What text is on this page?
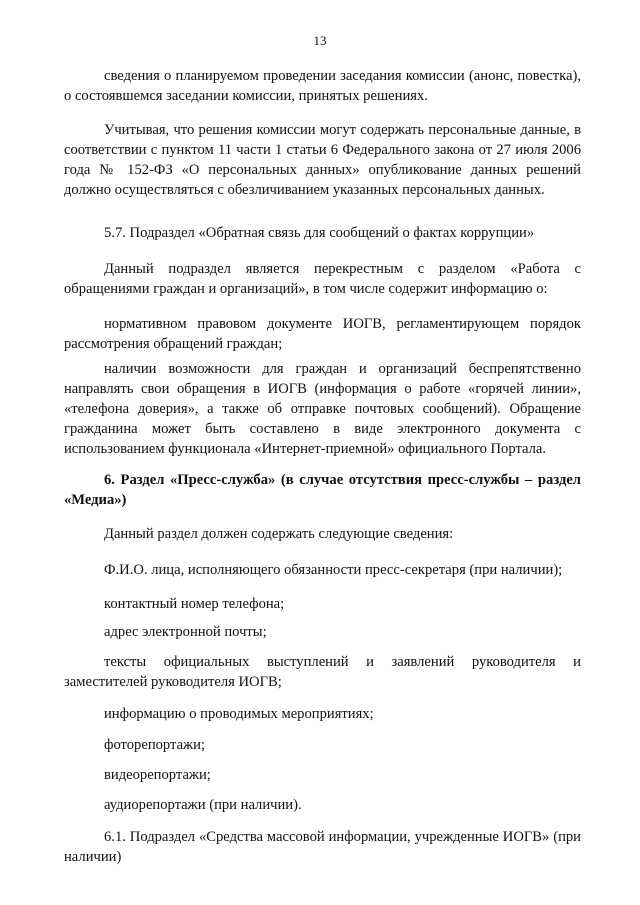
13

сведения о планируемом проведении заседания комиссии (анонс, повестка), о состоявшемся заседании комиссии, принятых решениях.

Учитывая, что решения комиссии могут содержать персональные данные, в соответствии с пунктом 11 части 1 статьи 6 Федерального закона от 27 июля 2006 года № 152-ФЗ «О персональных данных» опубликование данных решений должно осуществляться с обезличиванием указанных персональных данных.

5.7. Подраздел «Обратная связь для сообщений о фактах коррупции»

Данный подраздел является перекрестным с разделом «Работа с обращениями граждан и организаций», в том числе содержит информацию о:

нормативном правовом документе ИОГВ, регламентирующем порядок рассмотрения обращений граждан;

наличии возможности для граждан и организаций беспрепятственно направлять свои обращения в ИОГВ (информация о работе «горячей линии», «телефона доверия», а также об отправке почтовых сообщений). Обращение гражданина может быть составлено в виде электронного документа с использованием функционала «Интернет-приемной» официального Портала.

6. Раздел «Пресс-служба» (в случае отсутствия пресс-службы – раздел «Медиа»)

Данный раздел должен содержать следующие сведения:

Ф.И.О. лица, исполняющего обязанности пресс-секретаря (при наличии);

контактный номер телефона;

адрес электронной почты;

тексты официальных выступлений и заявлений руководителя и заместителей руководителя ИОГВ;

информацию о проводимых мероприятиях;

фоторепортажи;

видеорепортажи;

аудиорепортажи (при наличии).

6.1. Подраздел «Средства массовой информации, учрежденные ИОГВ» (при наличии)
